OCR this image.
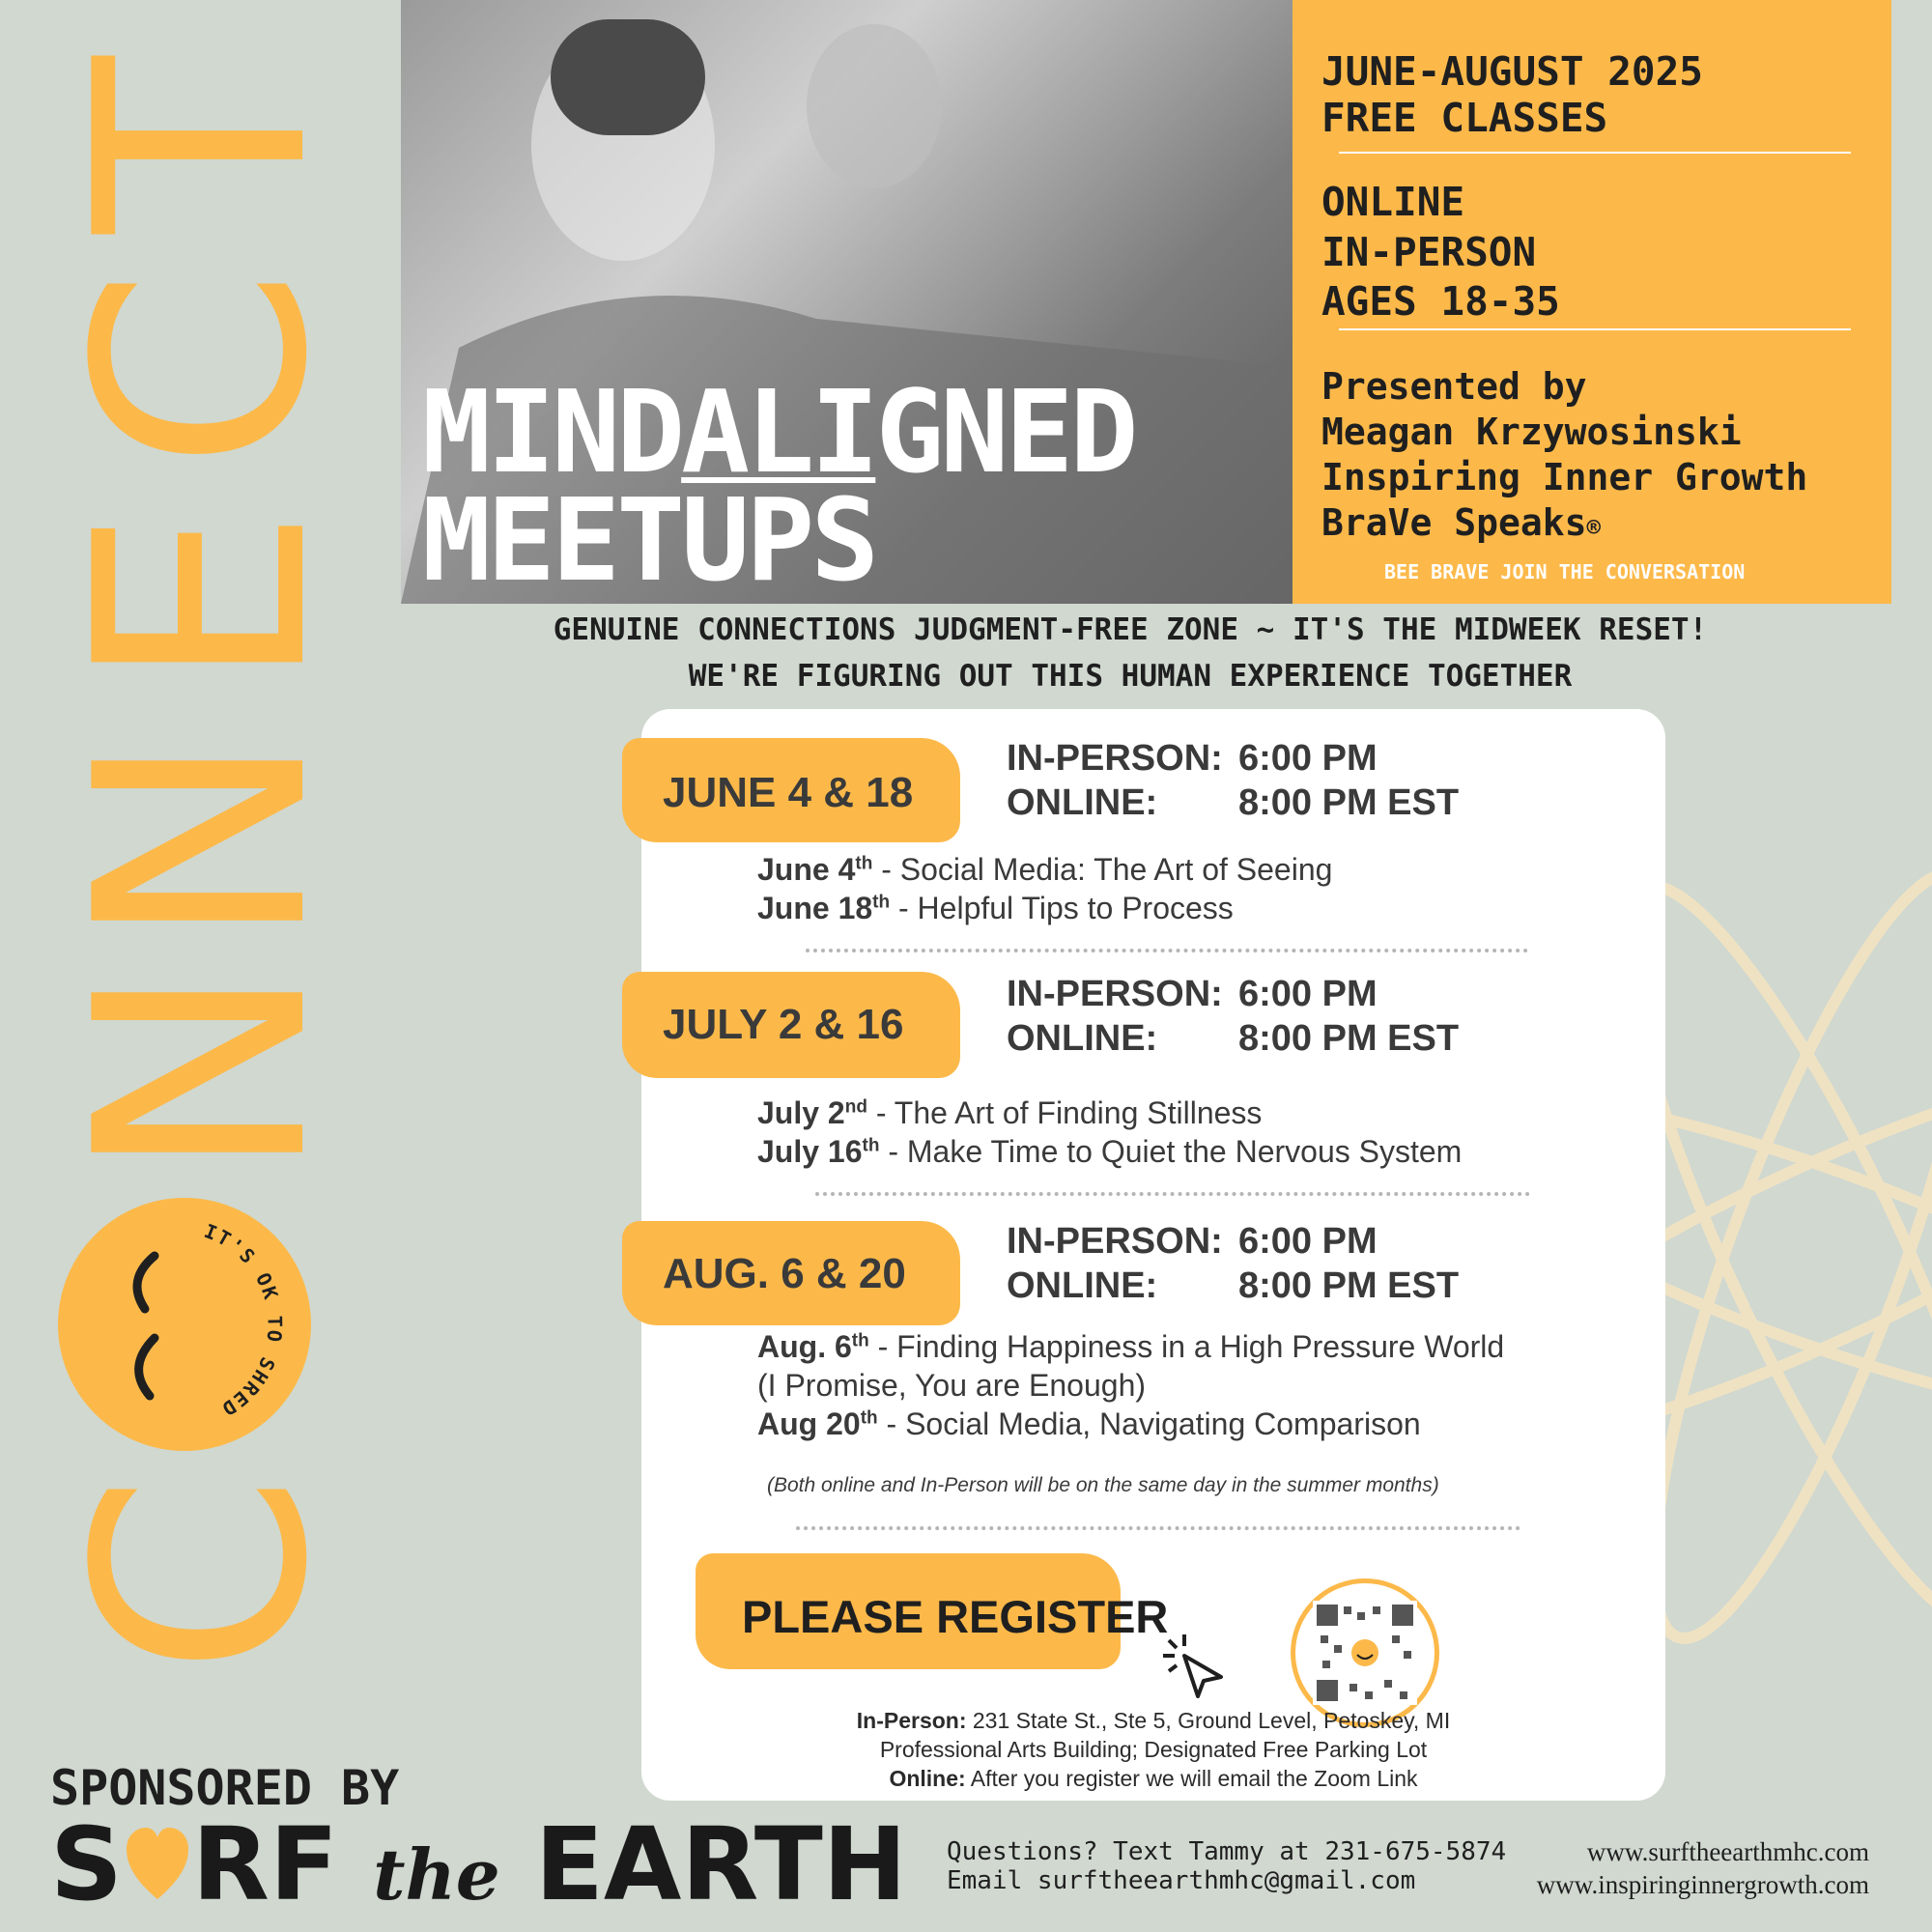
T
C
E
N
N
C
IT'S OK TO SHRED
MINDALIGNED
MEETUPS
JUNE-AUGUST 2025
FREE CLASSES
ONLINE
IN-PERSON
AGES 18-35
Presented by
Meagan Krzywosinski
Inspiring Inner Growth
BraVe Speaks®
BEE BRAVE JOIN THE CONVERSATION
GENUINE CONNECTIONS JUDGMENT-FREE ZONE ~ IT'S THE MIDWEEK RESET!
WE'RE FIGURING OUT THIS HUMAN EXPERIENCE TOGETHER
JUNE 4 & 18
IN-PERSON: 6:00 PM
ONLINE: 8:00 PM EST
June 4th - Social Media: The Art of Seeing
June 18th - Helpful Tips to Process
JULY 2 & 16
IN-PERSON: 6:00 PM
ONLINE: 8:00 PM EST
July 2nd - The Art of Finding Stillness
July 16th - Make Time to Quiet the Nervous System
AUG. 6 & 20
IN-PERSON: 6:00 PM
ONLINE: 8:00 PM EST
Aug. 6th - Finding Happiness in a High Pressure World
(I Promise, You are Enough)
Aug 20th - Social Media, Navigating Comparison
(Both online and In-Person will be on the same day in the summer months)
PLEASE REGISTER
In-Person: 231 State St., Ste 5, Ground Level, Petoskey, MI
Professional Arts Building; Designated Free Parking Lot
Online: After you register we will email the Zoom Link
SPONSORED BY
S RF the EARTH Questions? Text Tammy at 231-675-5874
Email surftheearthmhc@gmail.com
www.surftheearthmhc.com
www.inspiringinnergrowth.com
